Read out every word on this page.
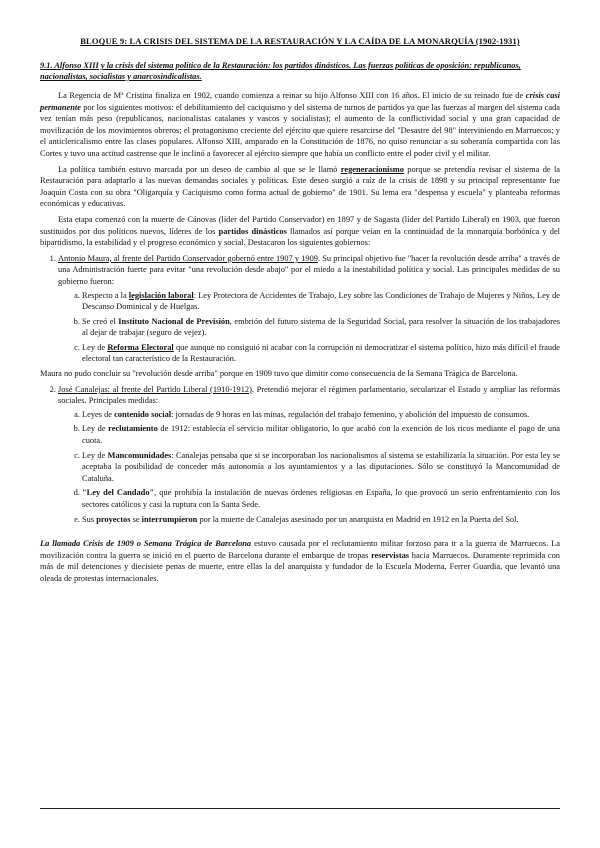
BLOQUE 9: LA CRISIS DEL SISTEMA DE LA RESTAURACIÓN Y LA CAÍDA DE LA MONARQUÍA (1902-1931)
9.1. Alfonso XIII y la crisis del sistema político de la Restauración: los partidos dinásticos. Las fuerzas políticas de oposición: republicanos, nacionalistas, socialistas y anarcosindicalistas.

La Regencia de Mª Cristina finaliza en 1902, cuando comienza a reinar su hijo Alfonso XIII con 16 años. El inicio de su reinado fue de crisis casi permanente por los siguientes motivos: el debilitamiento del caciquismo y del sistema de turnos de partidos ya que las fuerzas al margen del sistema cada vez tenían más peso (republicanos, nacionalistas catalanes y vascos y socialistas); el aumento de la conflictividad social y una gran capacidad de movilización de los movimientos obreros; el protagonismo creciente del ejército que quiere resarcirse del "Desastre del 98" interviniendo en Marruecos; y el anticlericalismo entre las clases populares. Alfonso XIII, amparado en la Constitución de 1876, no quiso renunciar a su soberanía compartida con las Cortes y tuvo una actitud castrense que le inclinó a favorecer al ejército siempre que había un conflicto entre el poder civil y el militar.

La política también estuvo marcada por un deseo de cambio al que se le llamó regeneracionismo porque se pretendía revisar el sistema de la Restauración para adaptarlo a las nuevas demandas sociales y políticas. Este deseo surgió a raíz de la crisis de 1898 y su principal representante fue Joaquín Costa con su obra "Oligarquía y Caciquismo como forma actual de gobierno" de 1901. Su lema era "despensa y escuela" y planteaba reformas económicas y educativas.

Esta etapa comenzó con la muerte de Cánovas (líder del Partido Conservador) en 1897 y de Sagasta (líder del Partido Liberal) en 1903, que fueron sustituidos por dos políticos nuevos, líderes de los partidos dinásticos llamados así porque veían en la continuidad de la monarquía borbónica y del bipartidismo, la estabilidad y el progreso económico y social. Destacaron los siguientes gobiernos:

1. Antonio Maura, al frente del Partido Conservador gobernó entre 1907 y 1909. Su principal objetivo fue "hacer la revolución desde arriba" a través de una Administración fuerte para evitar "una revolución desde abajo" por el miedo a la inestabilidad política y social. Las principales medidas de su gobierno fueron:
a. Respecto a la legislación laboral: Ley Protectora de Accidentes de Trabajo, Ley sobre las Condiciones de Trabajo de Mujeres y Niños, Ley de Descanso Dominical y de Huelgas.
b. Se creó el Instituto Nacional de Previsión, embrión del futuro sistema de la Seguridad Social, para resolver la situación de los trabajadores al dejar de trabajar (seguro de vejez).
c. Ley de Reforma Electoral que aunque no consiguió ni acabar con la corrupción ni democratizar el sistema político, hizo más difícil el fraude electoral tan característico de la Restauración.

Maura no pudo concluir su "revolución desde arriba" porque en 1909 tuvo que dimitir como consecuencia de la Semana Trágica de Barcelona.

2. José Canalejas: al frente del Partido Liberal (1910-1912). Pretendió mejorar el régimen parlamentario, secularizar el Estado y ampliar las reformas sociales. Principales medidas:
a. Leyes de contenido social: jornadas de 9 horas en las minas, regulación del trabajo femenino, y abolición del impuesto de consumos.
b. Ley de reclutamiento de 1912: establecía el servicio militar obligatorio, lo que acabó con la exención de los ricos mediante el pago de una cuota.
c. Ley de Mancomunidades: Canalejas pensaba que si se incorporaban los nacionalismos al sistema se estabilizaría la situación. Por esta ley se aceptaba la posibilidad de conceder más autonomía a los ayuntamientos y a las diputaciones. Sólo se constituyó la Mancomunidad de Cataluña.
d. "Ley del Candado", que prohibía la instalación de nuevas órdenes religiosas en España, lo que provocó un serio enfrentamiento con los sectores católicos y casi la ruptura con la Santa Sede.
e. Sus proyectos se interrumpieron por la muerte de Canalejas asesinado por un anarquista en Madrid en 1912 en la Puerta del Sol.

La llamada Crisis de 1909 o Semana Trágica de Barcelona estuvo causada por el reclutamiento militar forzoso para ir a la guerra de Marruecos. La movilización contra la guerra se inició en el puerto de Barcelona durante el embarque de tropas reservistas hacia Marruecos. Duramente reprimida con más de mil detenciones y diecisiete penas de muerte, entre ellas la del anarquista y fundador de la Escuela Moderna, Ferrer Guardia, que levantó una oleada de protestas internacionales.
